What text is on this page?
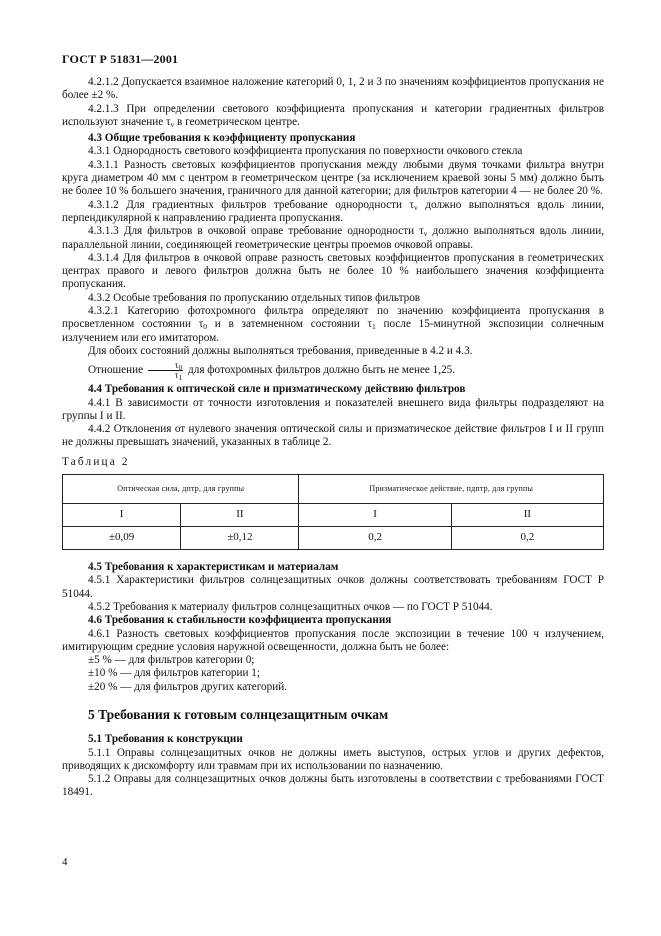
ГОСТ Р 51831—2001

4.2.1.2 Допускается взаимное наложение категорий 0, 1, 2 и 3 по значениям коэффициентов пропускания не более ±2 %.

4.2.1.3 При определении светового коэффициента пропускания и категории градиентных фильтров используют значение $\tau_v$ в геометрическом центре.

4.3 Общие требования к коэффициенту пропускания

4.3.1 Однородность светового коэффициента пропускания по поверхности очкового стекла

4.3.1.1 Разность световых коэффициентов пропускания между любыми двумя точками фильтра внутри круга диаметром 40 мм с центром в геометрическом центре (за исключением краевой зоны 5 мм) должно быть не более 10 % большего значения, граничного для данной категории; для фильтров категории 4 — не более 20 %.

4.3.1.2 Для градиентных фильтров требование однородности $\tau_v$ должно выполняться вдоль линии, перпендикулярной к направлению градиента пропускания.

4.3.1.3 Для фильтров в очковой оправе требование однородности $\tau_v$ должно выполняться вдоль линии, параллельной линии, соединяющей геометрические центры проемов очковой оправы.

4.3.1.4 Для фильтров в очковой оправе разность световых коэффициентов пропускания в геометрических центрах правого и левого фильтров должна быть не более 10 % наибольшего значения коэффициента пропускания.

4.3.2 Особые требования по пропусканию отдельных типов фильтров

4.3.2.1 Категорию фотохромного фильтра определяют по значению коэффициента пропускания в просветленном состоянии $\tau_0$ и в затемненном состоянии $\tau_1$ после 15-минутной экспозиции солнечным излучением или его имитатором.

Для обоих состояний должны выполняться требования, приведенные в 4.2 и 4.3.

Отношение $\frac{\tau_0}{\tau_1}$ для фотохромных фильтров должно быть не менее 1,25.

4.4 Требования к оптической силе и призматическому действию фильтров

4.4.1 В зависимости от точности изготовления и показателей внешнего вида фильтры подразделяют на группы I и II.

4.4.2 Отклонения от нулевого значения оптической силы и призматическое действие фильтров I и II групп не должны превышать значений, указанных в таблице 2.

Таблица 2

Оптическая сила, дптр, для группы		Призматическое действие, пдптр, для группы	
I	II	I	II
±0,09	±0,12	0,2	0,2

4.5 Требования к характеристикам и материалам

4.5.1 Характеристики фильтров солнцезащитных очков должны соответствовать требованиям ГОСТ Р 51044.

4.5.2 Требования к материалу фильтров солнцезащитных очков — по ГОСТ Р 51044.

4.6 Требования к стабильности коэффициента пропускания

4.6.1 Разность световых коэффициентов пропускания после экспозиции в течение 100 ч излучением, имитирующим средние условия наружной освещенности, должна быть не более:

±5 % — для фильтров категории 0;

±10 % — для фильтров категории 1;

±20 % — для фильтров других категорий.

5 Требования к готовым солнцезащитным очкам

5.1 Требования к конструкции

5.1.1 Оправы солнцезащитных очков не должны иметь выступов, острых углов и других дефектов, приводящих к дискомфорту или травмам при их использовании по назначению.

5.1.2 Оправы для солнцезащитных очков должны быть изготовлены в соответствии с требованиями ГОСТ 18491.

4
